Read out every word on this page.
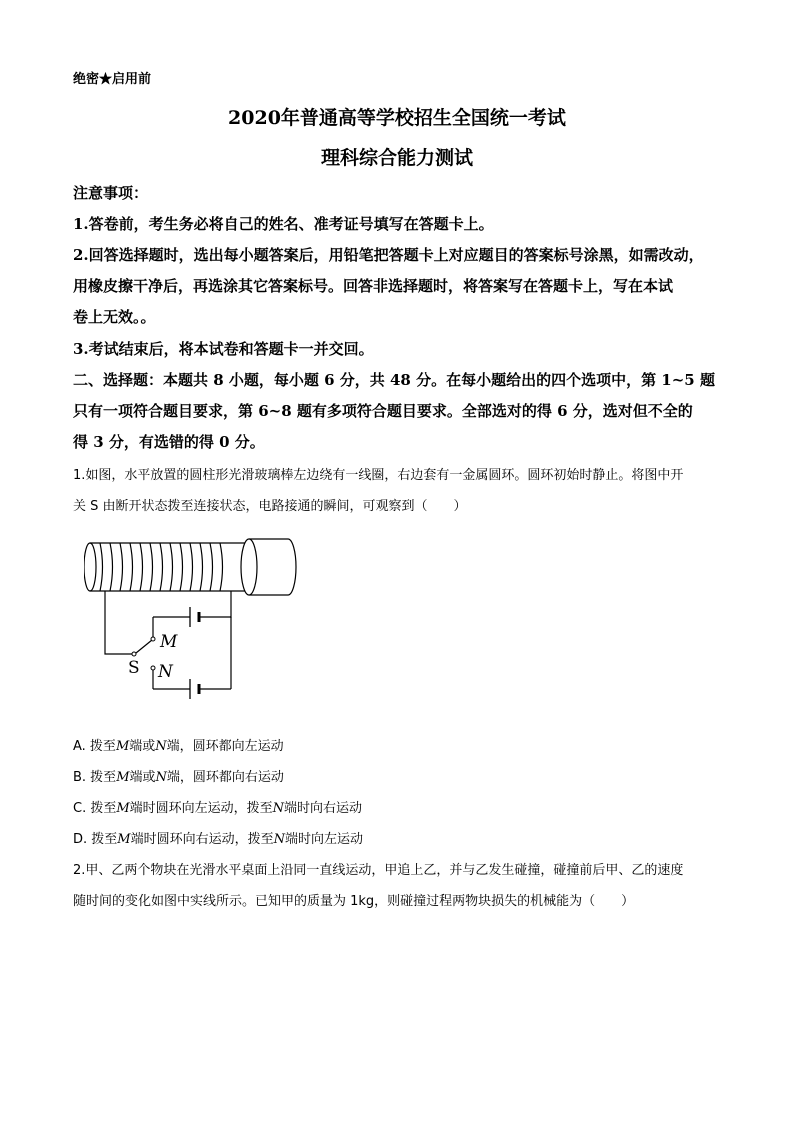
绝密★启用前
2020年普通高等学校招生全国统一考试
理科综合能力测试
注意事项：
1.答卷前，考生务必将自己的姓名、准考证号填写在答题卡上。
2.回答选择题时，选出每小题答案后，用铅笔把答题卡上对应题目的答案标号涂黑，如需改动，
用橡皮擦干净后，再选涂其它答案标号。回答非选择题时，将答案写在答题卡上，写在本试
卷上无效。。
3.考试结束后，将本试卷和答题卡一并交回。
二、选择题：本题共 8 小题，每小题 6 分，共 48 分。在每小题给出的四个选项中，第 1~5 题
只有一项符合题目要求，第 6~8 题有多项符合题目要求。全部选对的得 6 分，选对但不全的
得 3 分，有选错的得 0 分。
1.如图，水平放置的圆柱形光滑玻璃棒左边绕有一线圈，右边套有一金属圆环。圆环初始时静止。将图中开
关 S 由断开状态拨至连接状态，电路接通的瞬间，可观察到（　　）
M
N
S
A. 拨至M端或N端，圆环都向左运动
B. 拨至M端或N端，圆环都向右运动
C. 拨至M端时圆环向左运动，拨至N端时向右运动
D. 拨至M端时圆环向右运动，拨至N端时向左运动
2.甲、乙两个物块在光滑水平桌面上沿同一直线运动，甲追上乙，并与乙发生碰撞，碰撞前后甲、乙的速度
随时间的变化如图中实线所示。已知甲的质量为 1kg，则碰撞过程两物块损失的机械能为（　　）
